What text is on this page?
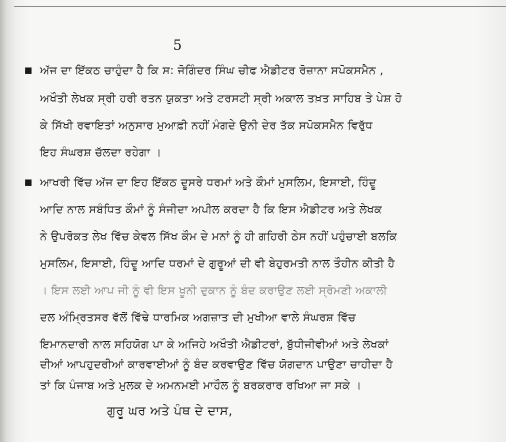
5
▪ ਅੱਜ ਦਾ ਇੱਕਠ ਚਾਹੁੰਦਾ ਹੈ ਕਿ ਸ: ਜੋਗਿੰਦਰ ਸਿੰਘ ਚੀਫ ਐਡੀਟਰ ਰੋਜ਼ਾਨਾ ਸਪੋਕਸਮੈਨ ,
ਅਖੌਤੀ ਲੇਖਕ ਸ੍ਰੀ ਹਰੀ ਰਤਨ ਯੁਕਤਾ ਅਤੇ ਟਰਸਟੀ ਸ੍ਰੀ ਅਕਾਲ ਤਖ਼ਤ ਸਾਹਿਬ ਤੇ ਪੇਸ਼ ਹੋ
ਕੇ ਸਿੱਖੀ ਰਵਾਇਤਾਂ ਅਨੁਸਾਰ ਮੁਆਫ਼ੀ ਨਹੀਂ ਮੰਗਦੇ ਉਨੀ ਦੇਰ ਤੱਕ ਸਪੋਕਸਮੈਨ ਵਿਰੁੱਧ
ਇਹ ਸੰਘਰਸ਼ ਚੱਲਦਾ ਰਹੇਗਾ ।
▪ ਆਖਰੀ ਵਿੱਚ ਅੱਜ ਦਾ ਇਹ ਇੱਕਠ ਦੂਸਰੇ ਧਰਮਾਂ ਅਤੇ ਕੌਮਾਂ ਮੁਸਲਿਮ, ਇਸਾਈ, ਹਿੰਦੂ
ਆਦਿ ਨਾਲ ਸਬੰਧਿਤ ਕੌਮਾਂ ਨੂੰ ਸੰਜੀਦਾ ਅਪੀਲ ਕਰਦਾ ਹੈ ਕਿ ਇਸ ਐਡੀਟਰ ਅਤੇ ਲੇਖਕ
ਨੇ ਉਪਰੋਕਤ ਲੇਖ ਵਿੱਚ ਕੇਵਲ ਸਿੱਖ ਕੌਮ ਦੇ ਮਨਾਂ ਨੂੰ ਹੀ ਗਹਿਰੀ ਠੇਸ ਨਹੀਂ ਪਹੁੰਚਾਈ ਬਲਕਿ
ਮੁਸਲਿਮ, ਇਸਾਈ, ਹਿੰਦੂ ਆਦਿ ਧਰਮਾਂ ਦੇ ਗੁਰੂਆਂ ਦੀ ਵੀ ਬੇਹੁਰਮਤੀ ਨਾਲ ਤੌਹੀਨ ਕੀਤੀ ਹੈ
। ਇਸ ਲਈ ਆਪ ਜੀ ਨੂੰ ਵੀ ਇਸ ਖੂਨੀ ਦੁਕਾਨ ਨੂੰ ਬੰਦ ਕਰਾਉਣ ਲਈ ਸ੍ਰੋਮਣੀ ਅਕਾਲੀ
ਦਲ ਅੰਮ੍ਰਿਤਸਰ ਵੱਲੋਂ ਵਿੱਢੇ ਧਾਰਮਿਕ ਅਗਜ਼ਾਤ ਦੀ ਮੁਖੀਆ ਵਾਲੇ ਸੰਘਰਸ਼ ਵਿੱਚ
ਇਮਾਨਦਾਰੀ ਨਾਲ ਸਹਿਯੋਗ ਪਾ ਕੇ ਅਜਿਹੇ ਅਖੌਤੀ ਐਡੀਟਰਾਂ, ਬੁੱਧੀਜੀਵੀਆਂ ਅਤੇ ਲੇਖਕਾਂ
ਦੀਆਂ ਆਪਹੁਦਰੀਆਂ ਕਾਰਵਾਈਆਂ ਨੂੰ ਬੰਦ ਕਰਵਾਉਣ ਵਿੱਚ ਯੋਗਦਾਨ ਪਾਉਣਾ ਚਾਹੀਦਾ ਹੈ
ਤਾਂ ਕਿ ਪੰਜਾਬ ਅਤੇ ਮੁਲਕ ਦੇ ਅਮਨਮਈ ਮਾਹੌਲ ਨੂੰ ਬਰਕਰਾਰ ਰਖਿਆ ਜਾ ਸਕੇ ।
ਗੁਰੂ ਘਰ ਅਤੇ ਪੰਥ ਦੇ ਦਾਸ,
